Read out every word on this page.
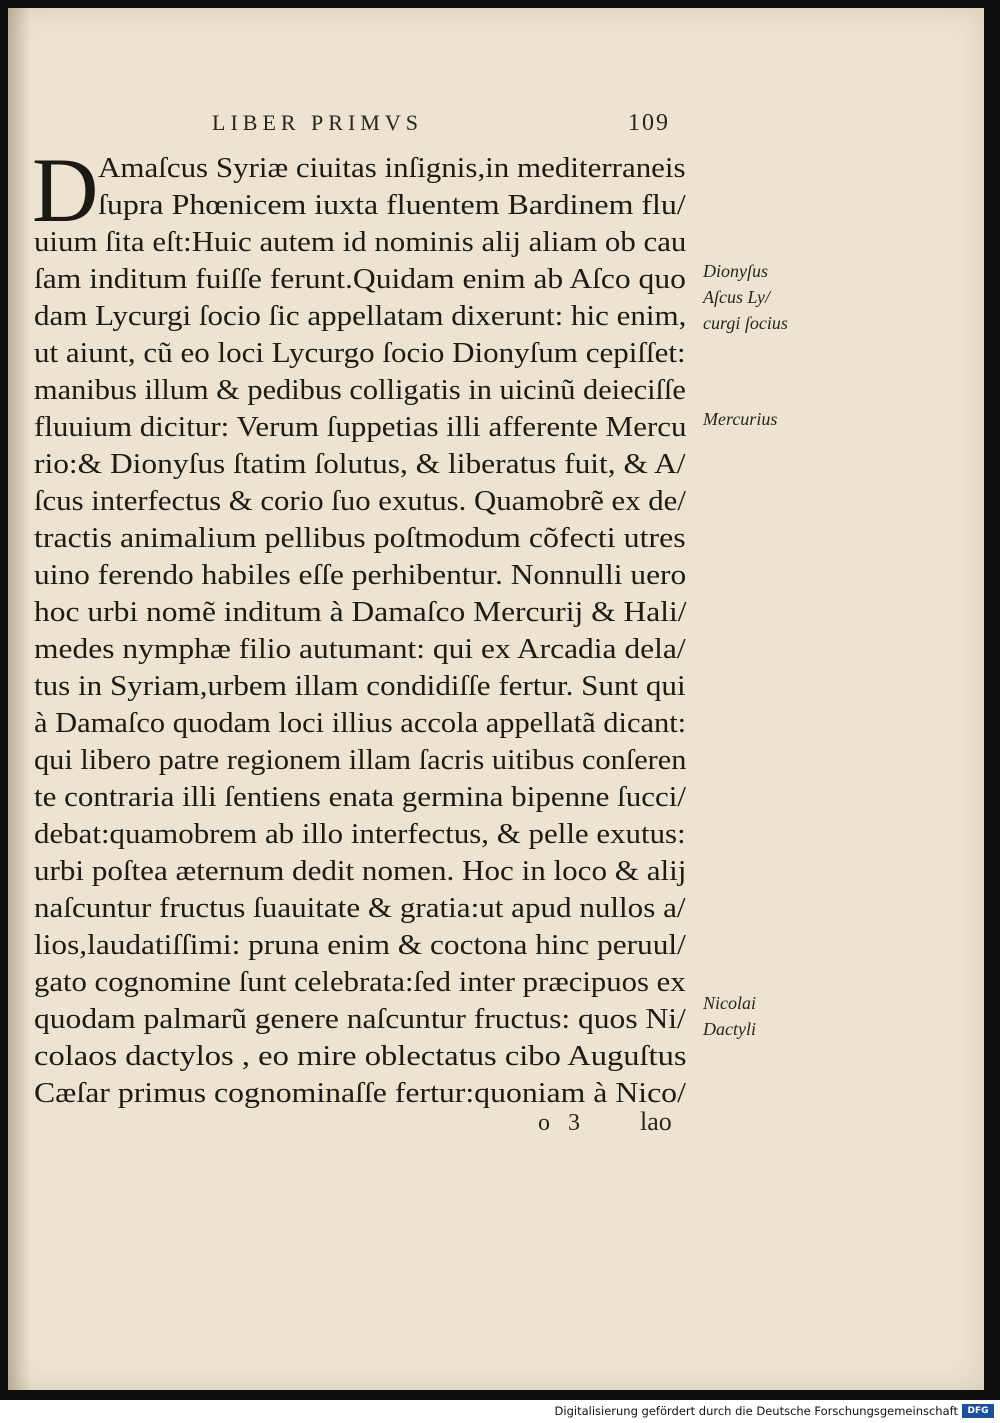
LIBER PRIMVS	109
D Amaſcus Syriæ ciuitas inſignis,in mediterraneis
ſupra Phœnicem iuxta fluentem Bardinem flu/
uium ſita eſt:Huic autem id nominis alij aliam ob cau
ſam inditum fuiſſe ferunt.Quidam enim ab Aſco quo
dam Lycurgi ſocio ſic appellatam dixerunt: hic enim,
ut aiunt, cũ eo loci Lycurgo ſocio Dionyſum cepiſſet:
manibus illum & pedibus colligatis in uicinũ deieciſſe
fluuium dicitur: Verum ſuppetias illi afferente Mercu
rio:& Dionyſus ſtatim ſolutus, & liberatus fuit, & A/
ſcus interfectus & corio ſuo exutus. Quamobrẽ ex de/
tractis animalium pellibus poſtmodum cõfecti utres
uino ferendo habiles eſſe perhibentur. Nonnulli uero
hoc urbi nomẽ inditum à Damaſco Mercurij & Hali/
medes nymphæ filio autumant: qui ex Arcadia dela/
tus in Syriam,urbem illam condidiſſe fertur. Sunt qui
à Damaſco quodam loci illius accola appellatã dicant:
qui libero patre regionem illam ſacris uitibus conſeren
te contraria illi ſentiens enata germina bipenne ſucci/
debat:quamobrem ab illo interfectus, & pelle exutus:
urbi poſtea æternum dedit nomen. Hoc in loco & alij
naſcuntur fructus ſuauitate & gratia:ut apud nullos a/
lios,laudatiſſimi: pruna enim & coctona hinc peruul/
gato cognomine ſunt celebrata:ſed inter præcipuos ex
quodam palmarũ genere naſcuntur fructus: quos Ni/
colaos dactylos , eo mire oblectatus cibo Auguſtus
Cæſar primus cognominaſſe fertur:quoniam à Nico/
Dionyſus
Aſcus Ly/
curgi ſocius
Mercurius
Nicolai
Dactyli
o 3 lao
Digitalisierung gefördert durch die Deutsche Forschungsgemeinschaft	DFG
